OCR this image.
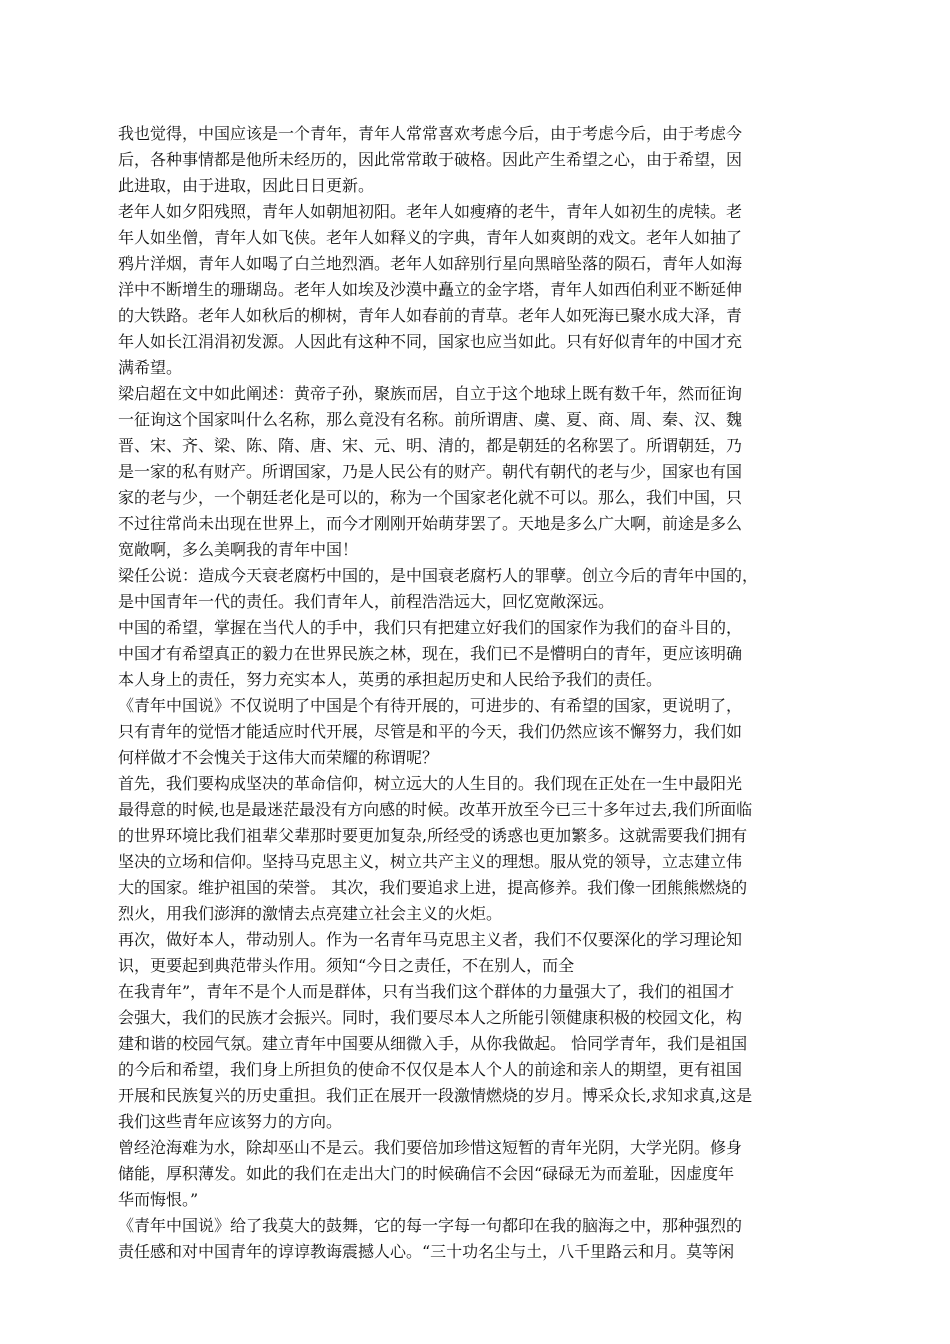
我也觉得，中国应该是一个青年，青年人常常喜欢考虑今后，由于考虑今后，由于考虑今
后，各种事情都是他所未经历的，因此常常敢于破格。因此产生希望之心，由于希望，因
此进取，由于进取，因此日日更新。
老年人如夕阳残照，青年人如朝旭初阳。老年人如瘦瘠的老牛，青年人如初生的虎犊。老
年人如坐僧，青年人如飞侠。老年人如释义的字典，青年人如爽朗的戏文。老年人如抽了
鸦片洋烟，青年人如喝了白兰地烈酒。老年人如辞别行星向黑暗坠落的陨石，青年人如海
洋中不断增生的珊瑚岛。老年人如埃及沙漠中矗立的金字塔，青年人如西伯利亚不断延伸
的大铁路。老年人如秋后的柳树，青年人如春前的青草。老年人如死海已聚水成大泽，青
年人如长江涓涓初发源。人因此有这种不同，国家也应当如此。只有好似青年的中国才充
满希望。
梁启超在文中如此阐述：黄帝子孙，聚族而居，自立于这个地球上既有数千年，然而征询
一征询这个国家叫什么名称，那么竟没有名称。前所谓唐、虞、夏、商、周、秦、汉、魏
晋、宋、齐、梁、陈、隋、唐、宋、元、明、清的，都是朝廷的名称罢了。所谓朝廷，乃
是一家的私有财产。所谓国家，乃是人民公有的财产。朝代有朝代的老与少，国家也有国
家的老与少，一个朝廷老化是可以的，称为一个国家老化就不可以。那么，我们中国，只
不过往常尚未出现在世界上，而今才刚刚开始萌芽罢了。天地是多么广大啊，前途是多么
宽敞啊，多么美啊我的青年中国！
梁任公说：造成今天衰老腐朽中国的，是中国衰老腐朽人的罪孽。创立今后的青年中国的，
是中国青年一代的责任。我们青年人，前程浩浩远大，回忆宽敞深远。
中国的希望，掌握在当代人的手中，我们只有把建立好我们的国家作为我们的奋斗目的，
中国才有希望真正的毅力在世界民族之林，现在，我们已不是懵明白的青年，更应该明确
本人身上的责任，努力充实本人，英勇的承担起历史和人民给予我们的责任。
《青年中国说》不仅说明了中国是个有待开展的，可进步的、有希望的国家，更说明了，
只有青年的觉悟才能适应时代开展，尽管是和平的今天，我们仍然应该不懈努力，我们如
何样做才不会愧关于这伟大而荣耀的称谓呢？
首先，我们要构成坚决的革命信仰，树立远大的人生目的。我们现在正处在一生中最阳光
最得意的时候,也是最迷茫最没有方向感的时候。改革开放至今已三十多年过去,我们所面临
的世界环境比我们祖辈父辈那时要更加复杂,所经受的诱惑也更加繁多。这就需要我们拥有
坚决的立场和信仰。坚持马克思主义，树立共产主义的理想。服从党的领导，立志建立伟
大的国家。维护祖国的荣誉。 其次，我们要追求上进，提高修养。我们像一团熊熊燃烧的
烈火，用我们澎湃的激情去点亮建立社会主义的火炬。
再次，做好本人，带动别人。作为一名青年马克思主义者，我们不仅要深化的学习理论知
识，更要起到典范带头作用。须知“今日之责任，不在别人，而全
在我青年”，青年不是个人而是群体，只有当我们这个群体的力量强大了，我们的祖国才
会强大，我们的民族才会振兴。同时，我们要尽本人之所能引领健康积极的校园文化，构
建和谐的校园气氛。建立青年中国要从细微入手，从你我做起。 恰同学青年，我们是祖国
的今后和希望，我们身上所担负的使命不仅仅是本人个人的前途和亲人的期望，更有祖国
开展和民族复兴的历史重担。我们正在展开一段激情燃烧的岁月。博采众长,求知求真,这是
我们这些青年应该努力的方向。
曾经沧海难为水，除却巫山不是云。我们要倍加珍惜这短暂的青年光阴，大学光阴。修身
储能，厚积薄发。如此的我们在走出大门的时候确信不会因“碌碌无为而羞耻，因虚度年
华而悔恨。”
《青年中国说》给了我莫大的鼓舞，它的每一字每一句都印在我的脑海之中，那种强烈的
责任感和对中国青年的谆谆教诲震撼人心。“三十功名尘与土，八千里路云和月。莫等闲
